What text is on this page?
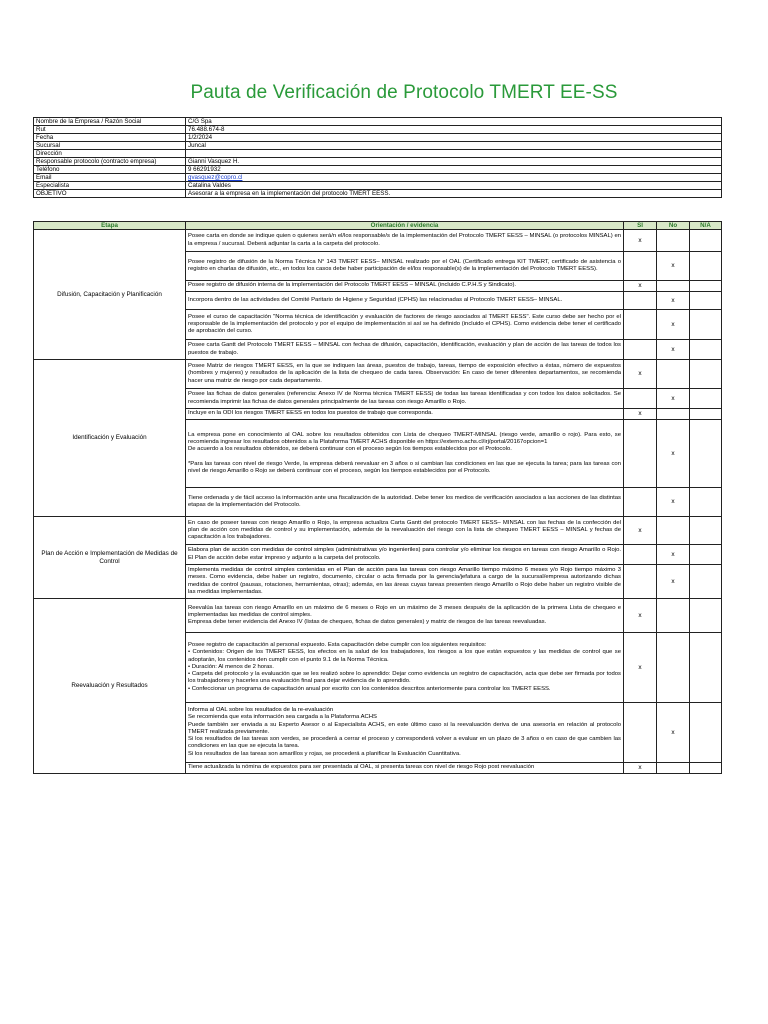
Pauta de Verificación de Protocolo TMERT EE-SS
Nombre de la Empresa / Razón Social	C/G Spa
Rut	76.488.674-8
Fecha	1/2/2024
Sucursal	Juncal
Dirección	
Responsable protocolo (contracto empresa)	Gianni Vasquez H.
Teléfono	9 66291932
Email	gvasquez@copro.cl
Especialista	Catalina Valdes
OBJETIVO	Asesorar a la empresa en la implementación del protocolo TMERT EESS.
Etapa	Orientación / evidencia	SI	No	N/A
Difusión, Capacitación y Planificación	Posee carta en donde se indique quien o quienes será/n el/los responsable/s de la implementación del Protocolo TMERT EESS – MINSAL (o protocolos MINSAL) en la empresa / sucursal. Deberá adjuntar la carta a la carpeta del protocolo.	x		
	Posee registro de difusión de la Norma Técnica N° 143 TMERT EESS– MINSAL realizado por el OAL (Certificado entrega KIT TMERT, certificado de asistencia o registro en charlas de difusión, etc., en todos los casos debe haber participación de el/los responsable(s) de la implementación del Protocolo TMERT EESS).		x	
	Posee registro de difusión interna de la implementación del Protocolo TMERT EESS – MINSAL (incluido C.P.H.S y Sindicato).	x		
	Incorpora dentro de las actividades del Comité Paritario de Higiene y Seguridad (CPHS) las relacionadas al Protocolo TMERT EESS– MINSAL.		x	
	Posee el curso de capacitación "Norma técnica de identificación y evaluación de factores de riesgo asociados al TMERT EESS". Este curso debe ser hecho por el responsable de la implementación del protocolo y por el equipo de implementación si así se ha definido (incluido el CPHS). Como evidencia debe tener el certificado de aprobación del curso.		x	
	Posee carta Gantt del Protocolo TMERT EESS – MINSAL con fechas de difusión, capacitación, identificación, evaluación y plan de acción de las tareas de todos los puestos de trabajo.		x	
Identificación y Evaluación	Posee Matriz de riesgos TMERT EESS, en la que se indiquen las áreas, puestos de trabajo, tareas, tiempo de exposición efectivo a éstas, número de expuestos (hombres y mujeres) y resultados de la aplicación de la lista de chequeo de cada tarea. Observación: En caso de tener diferentes departamentos, se recomienda hacer una matriz de riesgo por cada departamento.	x		
	Posee las fichas de datos generales (referencia: Anexo IV de Norma técnica TMERT EESS) de todas las tareas identificadas y con todos los datos solicitados. Se recomienda imprimir las fichas de datos generales principalmente de las tareas con riesgo Amarillo o Rojo.		x	
	Incluye en la ODI los riesgos TMERT EESS en todos los puestos de trabajo que corresponda.	x		
	La empresa pone en conocimiento al OAL sobre los resultados obtenidos con Lista de chequeo TMERT-MINSAL (riesgo verde, amarillo o rojo). Para esto, se recomienda ingresar los resultados obtenidos a la Plataforma TMERT ACHS disponible en https://externo.achs.cl/irj/portal/20167opcion=1
De acuerdo a los resultados obtenidos, se deberá continuar con el proceso según los tiempos establecidos por el Protocolo.

*Para las tareas con nivel de riesgo Verde, la empresa deberá reevaluar en 3 años o si cambian las condiciones en las que se ejecuta la tarea; para las tareas con nivel de riesgo Amarillo o Rojo se deberá continuar con el proceso, según los tiempos establecidos por el Protocolo.		x	
	Tiene ordenada y de fácil acceso la información ante una fiscalización de la autoridad. Debe tener los medios de verificación asociados a las acciones de las distintas etapas de la implementación del Protocolo.		x	
Plan de Acción e Implementación de Medidas de Control	En caso de poseer tareas con riesgo Amarillo o Rojo, la empresa actualiza Carta Gantt del protocolo TMERT EESS– MINSAL con las fechas de la confección del plan de acción con medidas de control y su implementación, además de la reevaluación del riesgo con la lista de chequeo TMERT EESS – MINSAL y fechas de capacitación a los trabajadores.	x		
	Elabora plan de acción con medidas de control simples (administrativas y/o ingenieriles) para controlar y/o eliminar los riesgos en tareas con riesgo Amarillo o Rojo. El Plan de acción debe estar impreso y adjunto a la carpeta del protocolo.		x	
	Implementa medidas de control simples contenidas en el Plan de acción para las tareas con riesgo Amarillo tiempo máximo 6 meses y/o Rojo tiempo máximo 3 meses. Como evidencia, debe haber un registro, documento, circular o acta firmada por la gerencia/jefatura a cargo de la sucursal/empresa autorizando dichas medidas de control (pausas, rotaciones, herramientas, otras); además, en las áreas cuyas tareas presenten riesgo Amarillo o Rojo debe haber un registro visible de las medidas implementadas.		x	
Reevaluación y Resultados	Reevalúa las tareas con riesgo Amarillo en un máximo de 6 meses o Rojo en un máximo de 3 meses después de la aplicación de la primera Lista de chequeo e implementadas las medidas de control simples.
Empresa debe tener evidencia del Anexo IV (listas de chequeo, fichas de datos generales) y matriz de riesgos de las tareas reevaluadas.	x		
	Posee registro de capacitación al personal expuesto. Esta capacitación debe cumplir con los siguientes requisitos:
• Contenidos: Origen de los TMERT EESS, los efectos en la salud de los trabajadores, los riesgos a los que están expuestos y las medidas de control que se adoptarán, los contenidos den cumplir con el punto 9.1 de la Norma Técnica.
• Duración: Al menos de 2 horas.
• Carpeta del protocolo y la evaluación que se les realizó sobre lo aprendido: Dejar como evidencia un registro de capacitación, acta que debe ser firmada por todos los trabajadores y hacerles una evaluación final para dejar evidencia de lo aprendido.
• Confeccionar un programa de capacitación anual por escrito con los contenidos descritos anteriormente para controlar los TMERT EESS.	x		
	Informa al OAL sobre los resultados de la re-evaluación
Se recomienda que esta información sea cargada a la Plataforma ACHS
Puede también ser enviada a su Experto Asesor o al Especialista ACHS, en este último caso si la reevaluación deriva de una asesoría en relación al protocolo TMERT realizada previamente.
Si los resultados de las tareas son verdes, se procederá a cerrar el proceso y corresponderá volver a evaluar en un plazo de 3 años o en caso de que cambien las condiciones en las que se ejecuta la tarea.
Si los resultados de las tareas son amarillos y rojas, se procederá a planificar la Evaluación Cuantitativa.		x	
	Tiene actualizada la nómina de expuestos para ser presentada al OAL, si presenta tareas con nivel de riesgo Rojo post reevaluación	x		
